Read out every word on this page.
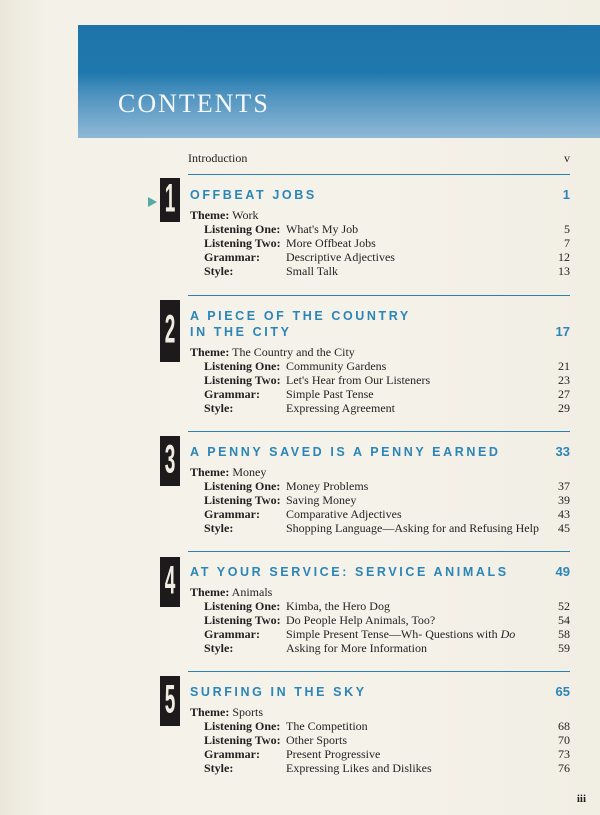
CONTENTS
Introduction	v
1	OFFBEAT JOBS	1
Theme: Work
Listening One: What's My Job	5
Listening Two: More Offbeat Jobs	7
Grammar: Descriptive Adjectives	12
Style:	Small Talk	13
2	A PIECE OF THE COUNTRY
IN THE CITY	17
Theme: The Country and the City
Listening One: Community Gardens	21
Listening Two: Let's Hear from Our Listeners	23
Grammar: Simple Past Tense	27
Style:	Expressing Agreement	29
3	A PENNY SAVED IS A PENNY EARNED	33
Theme: Money
Listening One: Money Problems	37
Listening Two: Saving Money	39
Grammar: Comparative Adjectives	43
Style:	Shopping Language—Asking for and Refusing Help 45
4	AT YOUR SERVICE: SERVICE ANIMALS	49
Theme: Animals
Listening One: Kimba, the Hero Dog	52
Listening Two: Do People Help Animals, Too?	54
Grammar: Simple Present Tense—Wh- Questions with Do	58
Style:	Asking for More Information	59
5	SURFING IN THE SKY	65
Theme: Sports
Listening One: The Competition	68
Listening Two: Other Sports	70
Grammar: Present Progressive	73
Style:	Expressing Likes and Dislikes	76
iii
